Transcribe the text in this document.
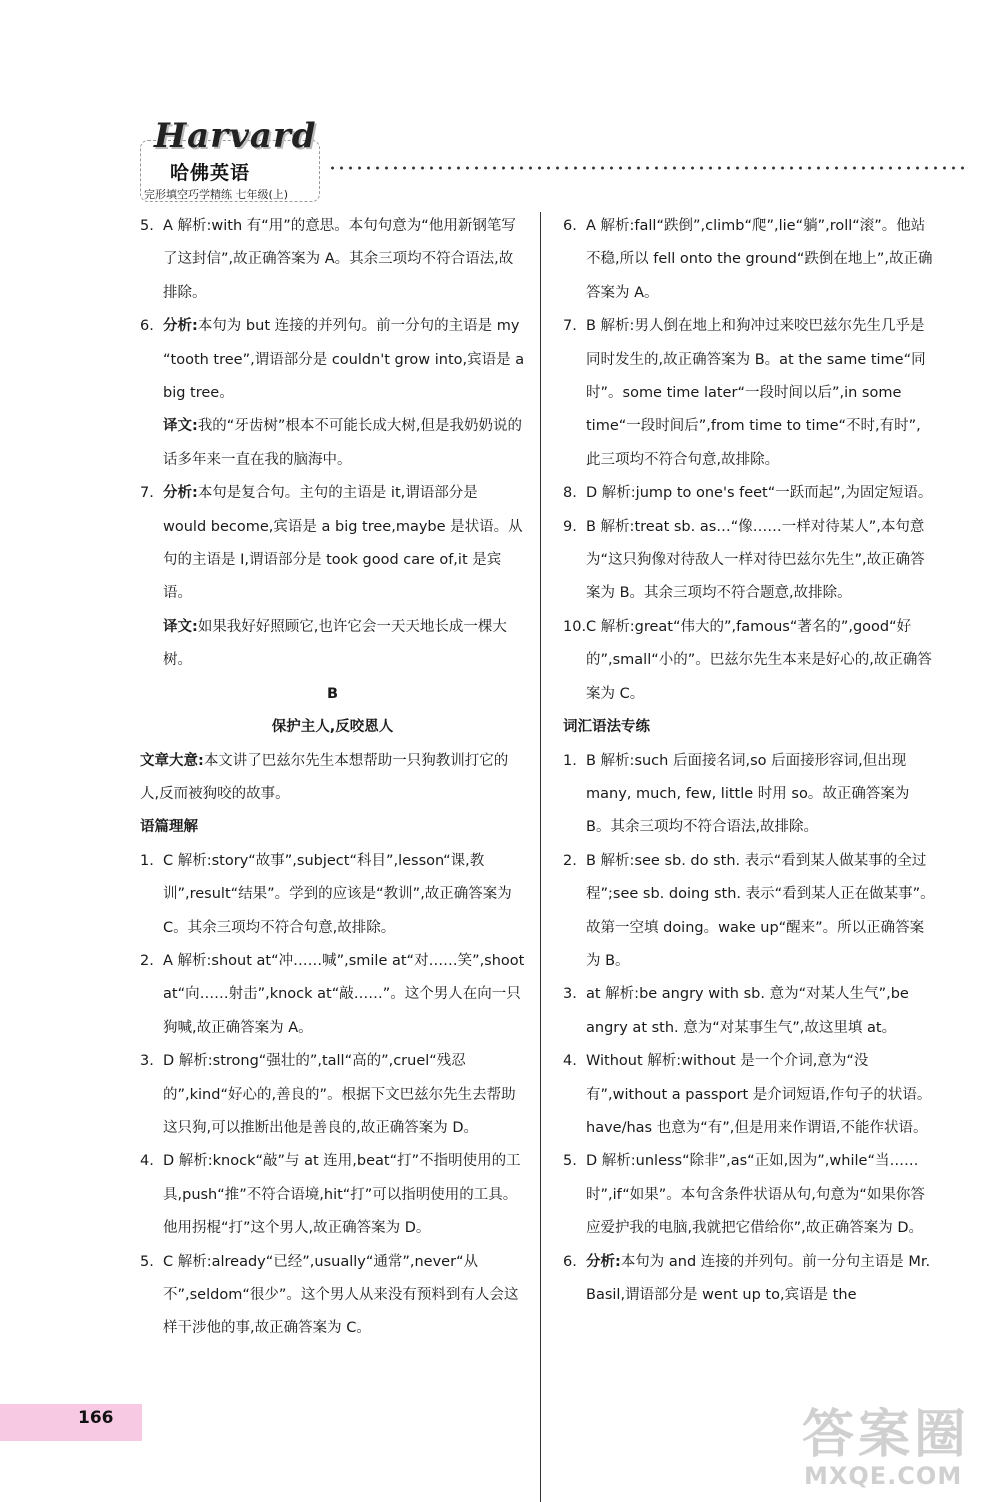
Harvard
哈佛英语
完形填空巧学精练 七年级(上)
5. A 解析:with 有“用”的意思。本句句意为“他用新钢笔写了这封信”,故正确答案为 A。其余三项均不符合语法,故排除。
6. 分析:本句为 but 连接的并列句。前一分句的主语是 my “tooth tree”,谓语部分是 couldn't grow into,宾语是 a big tree。
译文:我的“牙齿树”根本不可能长成大树,但是我奶奶说的话多年来一直在我的脑海中。
7. 分析:本句是复合句。主句的主语是 it,谓语部分是 would become,宾语是 a big tree,maybe 是状语。从句的主语是 I,谓语部分是 took good care of,it 是宾语。
译文:如果我好好照顾它,也许它会一天天地长成一棵大树。
B
保护主人,反咬恩人
文章大意:本文讲了巴兹尔先生本想帮助一只狗教训打它的人,反而被狗咬的故事。
语篇理解
1. C 解析:story“故事”,subject“科目”,lesson“课,教训”,result“结果”。学到的应该是“教训”,故正确答案为 C。其余三项均不符合句意,故排除。
2. A 解析:shout at“冲……喊”,smile at“对……笑”,shoot at“向……射击”,knock at“敲……”。这个男人在向一只狗喊,故正确答案为 A。
3. D 解析:strong“强壮的”,tall“高的”,cruel“残忍的”,kind“好心的,善良的”。根据下文巴兹尔先生去帮助这只狗,可以推断出他是善良的,故正确答案为 D。
4. D 解析:knock“敲”与 at 连用,beat“打”不指明使用的工具,push“推”不符合语境,hit“打”可以指明使用的工具。他用拐棍“打”这个男人,故正确答案为 D。
5. C 解析:already“已经”,usually“通常”,never“从不”,seldom“很少”。这个男人从来没有预料到有人会这样干涉他的事,故正确答案为 C。
6. A 解析:fall“跌倒”,climb“爬”,lie“躺”,roll“滚”。他站不稳,所以 fell onto the ground“跌倒在地上”,故正确答案为 A。
7. B 解析:男人倒在地上和狗冲过来咬巴兹尔先生几乎是同时发生的,故正确答案为 B。at the same time“同时”。some time later“一段时间以后”,in some time“一段时间后”,from time to time“不时,有时”,此三项均不符合句意,故排除。
8. D 解析:jump to one's feet“一跃而起”,为固定短语。
9. B 解析:treat sb. as…“像……一样对待某人”,本句意为“这只狗像对待敌人一样对待巴兹尔先生”,故正确答案为 B。其余三项均不符合题意,故排除。
10.C 解析:great“伟大的”,famous“著名的”,good“好的”,small“小的”。巴兹尔先生本来是好心的,故正确答案为 C。
词汇语法专练
1. B 解析:such 后面接名词,so 后面接形容词,但出现 many, much, few, little 时用 so。故正确答案为 B。其余三项均不符合语法,故排除。
2. B 解析:see sb. do sth. 表示“看到某人做某事的全过程”;see sb. doing sth. 表示“看到某人正在做某事”。故第一空填 doing。wake up“醒来”。所以正确答案为 B。
3. at 解析:be angry with sb. 意为“对某人生气”,be angry at sth. 意为“对某事生气”,故这里填 at。
4. Without 解析:without 是一个介词,意为“没有”,without a passport 是介词短语,作句子的状语。have/has 也意为“有”,但是用来作谓语,不能作状语。
5. D 解析:unless“除非”,as“正如,因为”,while“当……时”,if“如果”。本句含条件状语从句,句意为“如果你答应爱护我的电脑,我就把它借给你”,故正确答案为 D。
6. 分析:本句为 and 连接的并列句。前一分句主语是 Mr. Basil,谓语部分是 went up to,宾语是 the
166	答案圈
MXQE.COM
